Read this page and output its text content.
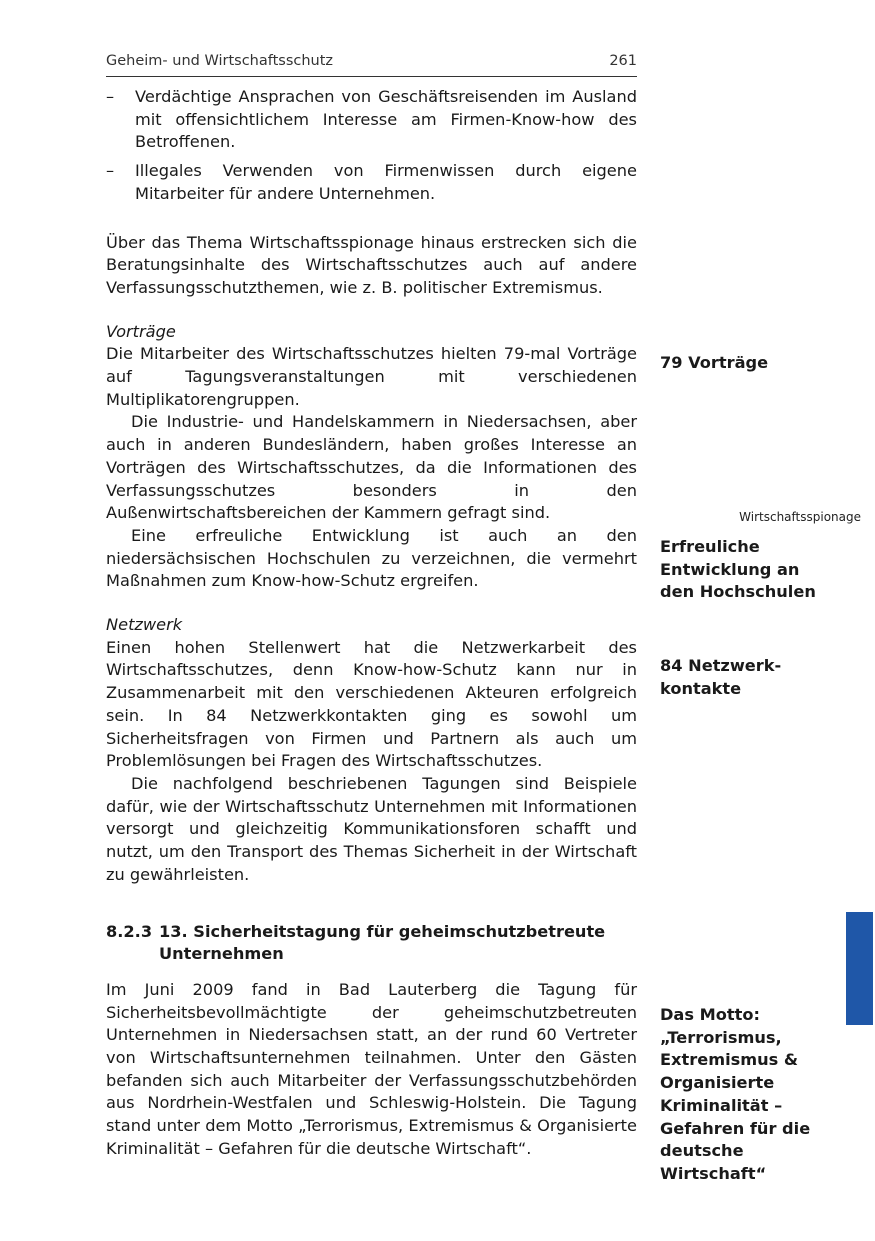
Geheim- und Wirtschaftsschutz	261
– Verdächtige Ansprachen von Geschäftsreisenden im Ausland mit offensichtlichem Interesse am Firmen-Know-how des Betroffenen.
– Illegales Verwenden von Firmenwissen durch eigene Mitarbeiter für andere Unternehmen.

Über das Thema Wirtschaftsspionage hinaus erstrecken sich die Beratungsinhalte des Wirtschaftsschutzes auch auf andere Verfassungsschutzthemen, wie z. B. politischer Extremismus.

Vorträge

Die Mitarbeiter des Wirtschaftsschutzes hielten 79-mal Vorträge auf Tagungsveranstaltungen mit verschiedenen Multiplikatorengruppen.

Die Industrie- und Handelskammern in Niedersachsen, aber auch in anderen Bundesländern, haben großes Interesse an Vorträgen des Wirtschaftsschutzes, da die Informationen des Verfassungsschutzes besonders in den Außenwirtschaftsbereichen der Kammern gefragt sind.

Eine erfreuliche Entwicklung ist auch an den niedersächsischen Hochschulen zu verzeichnen, die vermehrt Maßnahmen zum Know-how-Schutz ergreifen.

Netzwerk

Einen hohen Stellenwert hat die Netzwerkarbeit des Wirtschaftsschutzes, denn Know-how-Schutz kann nur in Zusammenarbeit mit den verschiedenen Akteuren erfolgreich sein. In 84 Netzwerkkontakten ging es sowohl um Sicherheitsfragen von Firmen und Partnern als auch um Problemlösungen bei Fragen des Wirtschaftsschutzes.

Die nachfolgend beschriebenen Tagungen sind Beispiele dafür, wie der Wirtschaftsschutz Unternehmen mit Informationen versorgt und gleichzeitig Kommunikationsforen schafft und nutzt, um den Transport des Themas Sicherheit in der Wirtschaft zu gewährleisten.

8.2.3 13. Sicherheitstagung für geheimschutzbetreute Unternehmen

Im Juni 2009 fand in Bad Lauterberg die Tagung für Sicherheitsbevollmächtigte der geheimschutzbetreuten Unternehmen in Niedersachsen statt, an der rund 60 Vertreter von Wirtschaftsunternehmen teilnahmen. Unter den Gästen befanden sich auch Mitarbeiter der Verfassungsschutzbehörden aus Nordrhein-Westfalen und Schleswig-Holstein. Die Tagung stand unter dem Motto „Terrorismus, Extremismus & Organisierte Kriminalität – Gefahren für die deutsche Wirtschaft“.

79 Vorträge
Wirtschaftsspionage
Erfreuliche Entwicklung an den Hochschulen
84 Netzwerk-kontakte
Das Motto: „Terrorismus, Extremismus & Organisierte Kriminalität – Gefahren für die deutsche Wirtschaft“
